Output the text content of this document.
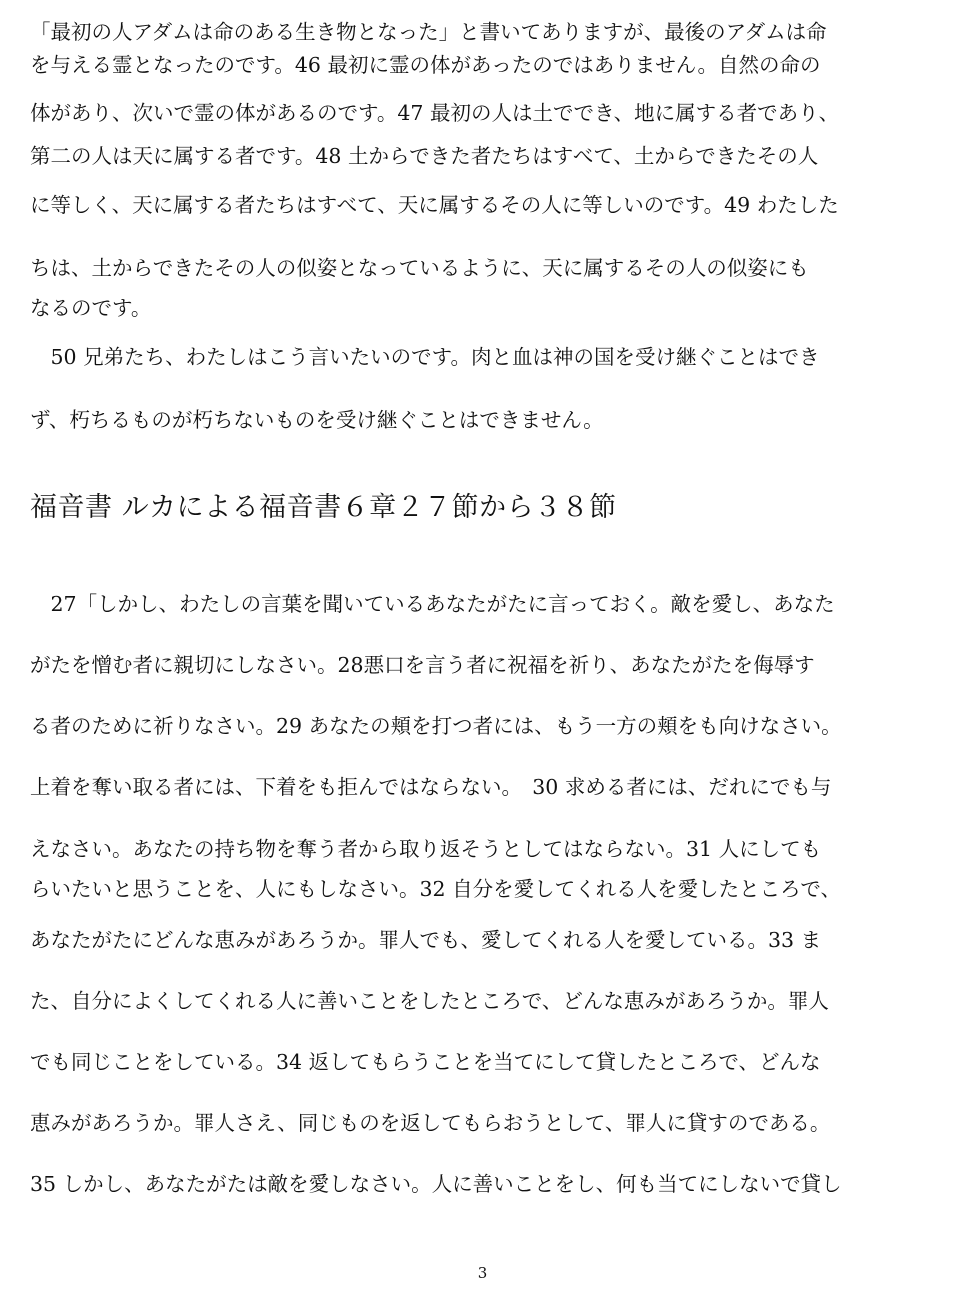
「最初の人アダムは命のある生き物となった」と書いてありますが、最後のアダムは命
を与える霊となったのです。46 最初に霊の体があったのではありません。自然の命の
体があり、次いで霊の体があるのです。47 最初の人は土ででき、地に属する者であり、
第二の人は天に属する者です。48 土からできた者たちはすべて、土からできたその人
に等しく、天に属する者たちはすべて、天に属するその人に等しいのです。49 わたした
ちは、土からできたその人の似姿となっているように、天に属するその人の似姿にも
なるのです。
　50 兄弟たち、わたしはこう言いたいのです。肉と血は神の国を受け継ぐことはでき
ず、朽ちるものが朽ちないものを受け継ぐことはできません。
福音書 ルカによる福音書６章２７節から３８節
　27「しかし、わたしの言葉を聞いているあなたがたに言っておく。敵を愛し、あなた
がたを憎む者に親切にしなさい。28悪口を言う者に祝福を祈り、あなたがたを侮辱す
る者のために祈りなさい。29 あなたの頬を打つ者には、もう一方の頬をも向けなさい。
上着を奪い取る者には、下着をも拒んではならない。　30 求める者には、だれにでも与
えなさい。あなたの持ち物を奪う者から取り返そうとしてはならない。31 人にしても
らいたいと思うことを、人にもしなさい。32 自分を愛してくれる人を愛したところで、
あなたがたにどんな恵みがあろうか。罪人でも、愛してくれる人を愛している。33 ま
た、自分によくしてくれる人に善いことをしたところで、どんな恵みがあろうか。罪人
でも同じことをしている。34 返してもらうことを当てにして貸したところで、どんな
恵みがあろうか。罪人さえ、同じものを返してもらおうとして、罪人に貸すのである。
35 しかし、あなたがたは敵を愛しなさい。人に善いことをし、何も当てにしないで貸し
3
